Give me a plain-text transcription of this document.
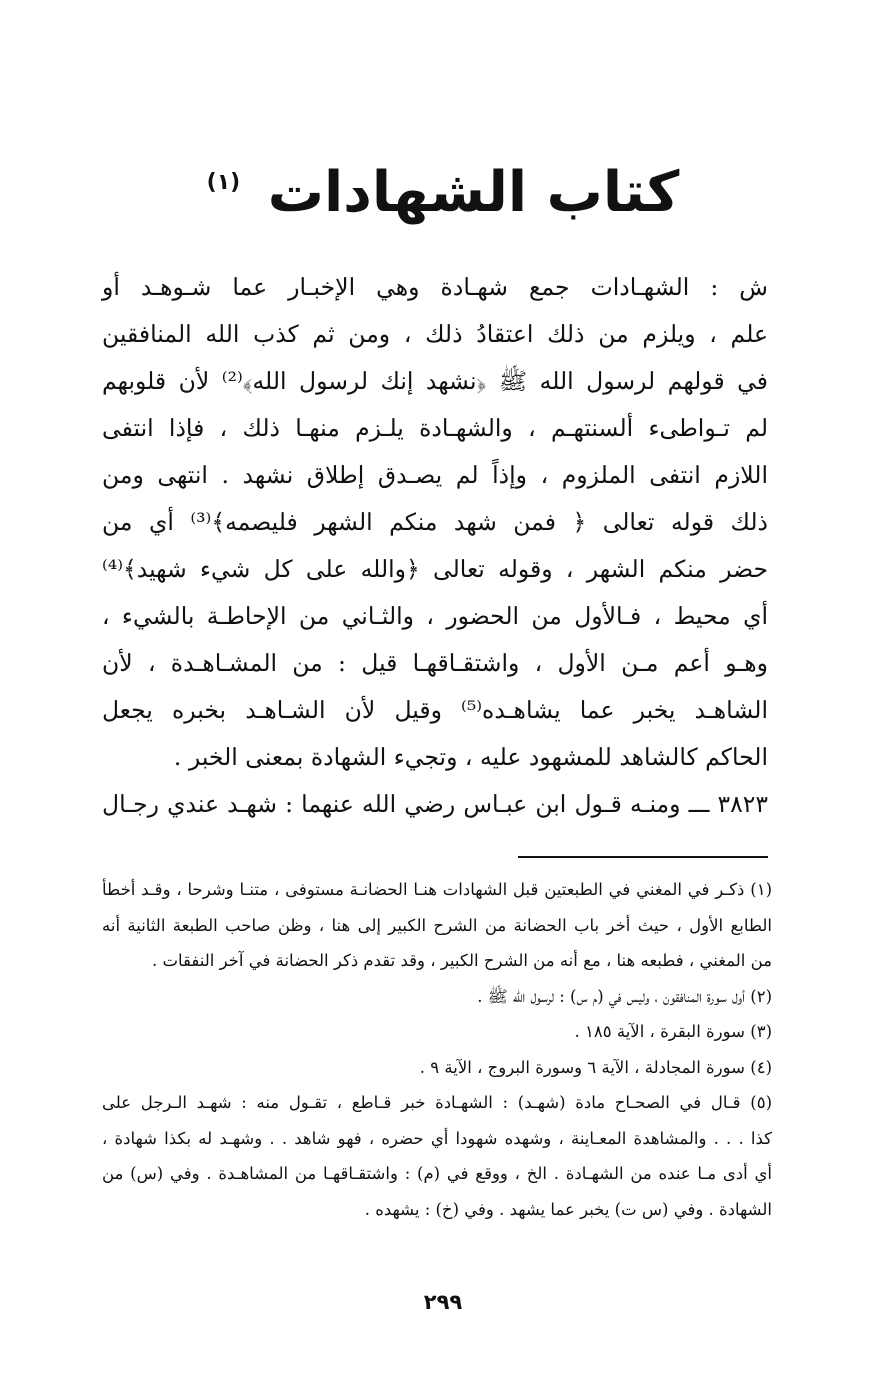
كتاب الشهادات $^{(١)}$
ش : الشهـادات جمع شهـادة وهي الإخبـار عما شـوهـد أو
علم ، ويلزم من ذلك اعتقادُ ذلك ، ومن ثم كذب الله المنافقين
في قولهم لرسول الله ﷺ ﴿نشهد إنك لرسول الله﴾⁽²⁾ لأن قلوبهم
لم تـواطىء ألسنتهـم ، والشهـادة يلـزم منهـا ذلك ، فإذا انتفى
اللازم انتفى الملزوم ، وإذاً لم يصـدق إطلاق نشهد . انتهى ومن
ذلك قوله تعالى ﴿ فمن شهد منكم الشهر فليصمه﴾⁽³⁾ أي من
حضر منكم الشهر ، وقوله تعالى ﴿والله على كل شيء شهيد﴾⁽⁴⁾
أي محيط ، فـالأول من الحضور ، والثـاني من الإحاطـة بالشيء ،
وهـو أعم مـن الأول ، واشتقـاقهـا قيل : من المشـاهـدة ، لأن
الشاهـد يخبر عما يشاهـده⁽⁵⁾ وقيل لأن الشـاهـد بخبره يجعل
الحاكم كالشاهد للمشهود عليه ، وتجيء الشهادة بمعنى الخبر .
٣٨٢٣ ـــ ومنـه قـول ابن عبـاس رضي الله عنهما : شهـد عندي رجـال
(١) ذكـر في المغني في الطبعتين قبل الشهادات هنـا الحضانـة مستوفى ، متنـا وشرحا ، وقـد أخطأ
الطابع الأول ، حيث أخر باب الحضانة من الشرح الكبير إلى هنا ، وظن صاحب الطبعة الثانية أنه
من المغني ، فطبعه هنا ، مع أنه من الشرح الكبير ، وقد تقدم ذكر الحضانة في آخر النفقات .
(٢) أول سورة المنافقون ، وليس في (م س) : لرسول الله ﷺ .
(٣) سورة البقرة ، الآية ١٨٥ .
(٤) سورة المجادلة ، الآية ٦ وسورة البروج ، الآية ٩ .
(٥) قـال في الصحـاح مادة (شهـد) : الشهـادة خبر قـاطع ، تقـول منه : شهـد الـرجل على
كذا . . . والمشاهدة المعـاينة ، وشهده شهودا أي حضره ، فهو شاهد . . وشهـد له بكذا شهادة ،
أي أدى مـا عنده من الشهـادة . الخ ، ووقع في (م) : واشتقـاقهـا من المشاهـدة . وفي (س) من
الشهادة . وفي (س ت) يخبر عما يشهد . وفي (خ) : يشهده .
٢٩٩
